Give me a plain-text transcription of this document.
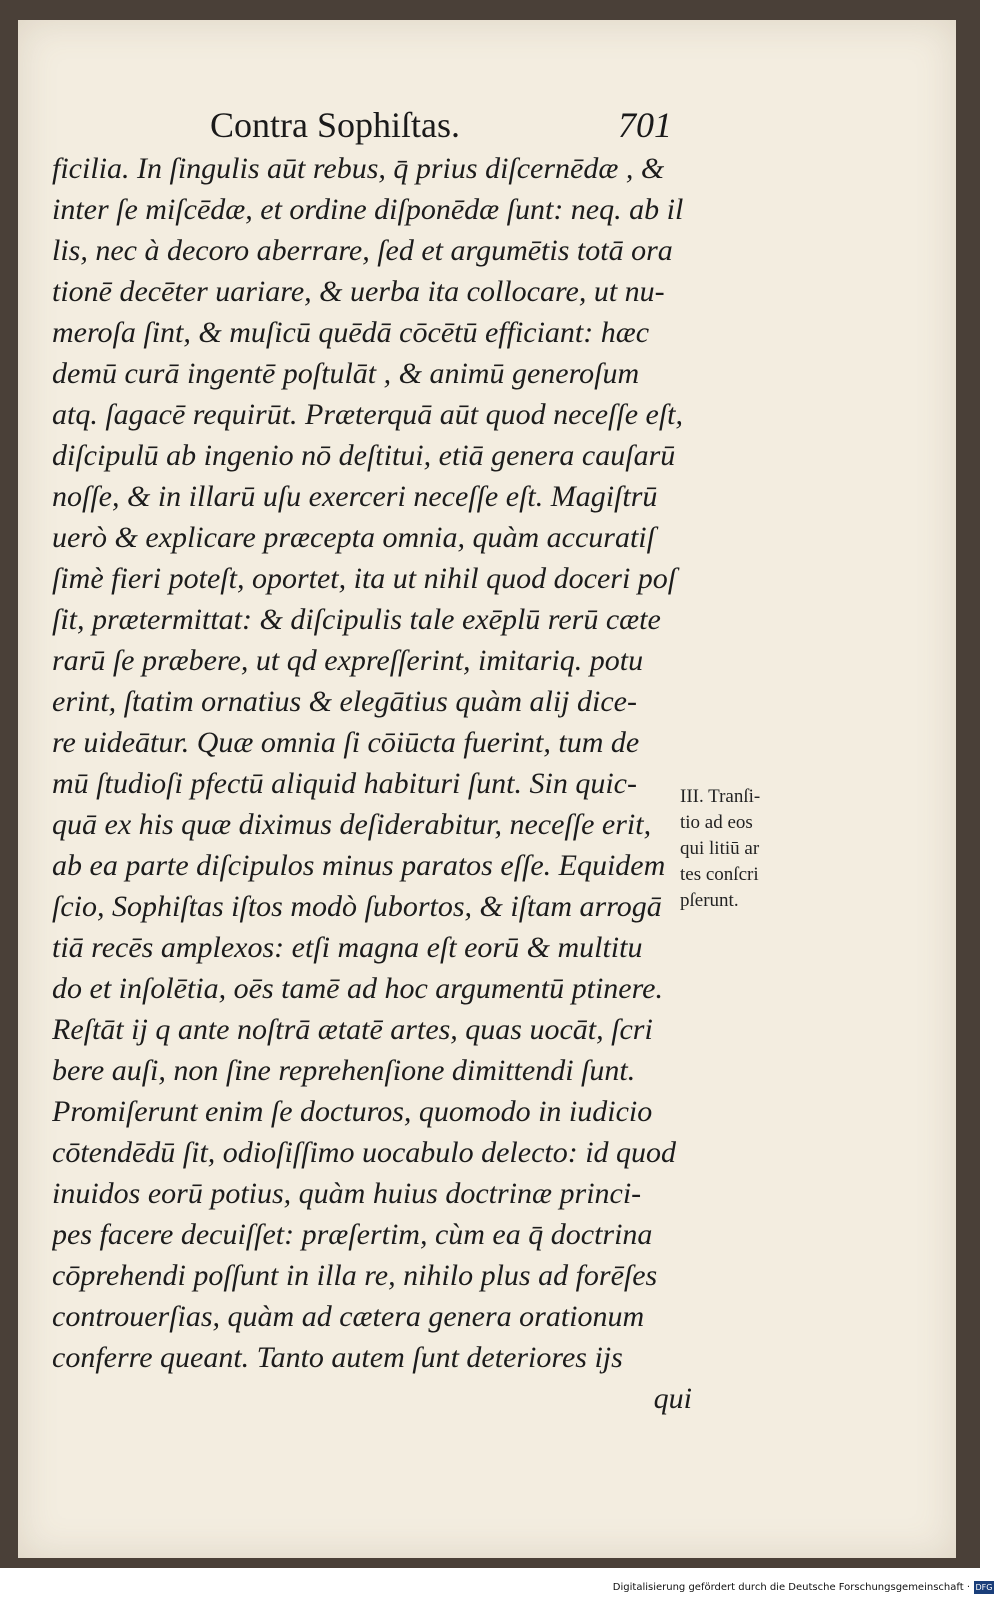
Contra Sophiſtas.	701
ficilia. In ſingulis aūt rebus, q̄ prius diſcernēdæ , &
inter ſe miſcēdæ, et ordine diſponēdæ ſunt: neq. ab il
lis, nec à decoro aberrare, ſed et argumētis totā ora
tionē decēter uariare, & uerba ita collocare, ut nu-
meroſa ſint, & muſicū quēdā cōcētū efficiant: hæc
demū curā ingentē poſtulāt , & animū generoſum
atq. ſagacē requirūt. Præterquā aūt quod neceſſe eſt,
diſcipulū ab ingenio nō deſtitui, etiā genera cauſarū
noſſe, & in illarū uſu exerceri neceſſe eſt. Magiſtrū
uerò & explicare præcepta omnia, quàm accuratiſ
ſimè fieri poteſt, oportet, ita ut nihil quod doceri poſ
ſit, prætermittat: & diſcipulis tale exēplū rerū cæte
rarū ſe præbere, ut qd expreſſerint, imitariq. potu
erint, ſtatim ornatius & elegātius quàm alij dice-
re uideātur. Quæ omnia ſi cōiūcta fuerint, tum de
mū ſtudioſi pfectū aliquid habituri ſunt. Sin quic-
quā ex his quæ diximus deſiderabitur, neceſſe erit,
ab ea parte diſcipulos minus paratos eſſe. Equidem
ſcio, Sophiſtas iſtos modò ſubortos, & iſtam arrogā
tiā recēs amplexos: etſi magna eſt eorū & multitu
do et inſolētia, oēs tamē ad hoc argumentū ptinere.
Reſtāt ij q ante noſtrā ætatē artes, quas uocāt, ſcri
bere auſi, non ſine reprehenſione dimittendi ſunt.
Promiſerunt enim ſe docturos, quomodo in iudicio
cōtendēdū ſit, odioſiſſimo uocabulo delecto: id quod
inuidos eorū potius, quàm huius doctrinæ princi-
pes facere decuiſſet: præſertim, cùm ea q̄ doctrina
cōprehendi poſſunt in illa re, nihilo plus ad forēſes
controuerſias, quàm ad cætera genera orationum
conferre queant. Tanto autem ſunt deteriores ijs
qui
III. Tranſi-
tio ad eos
qui litiū ar
tes conſcri
pſerunt.
Digitalisierung gefördert durch die Deutsche Forschungsgemeinschaft · DFG
